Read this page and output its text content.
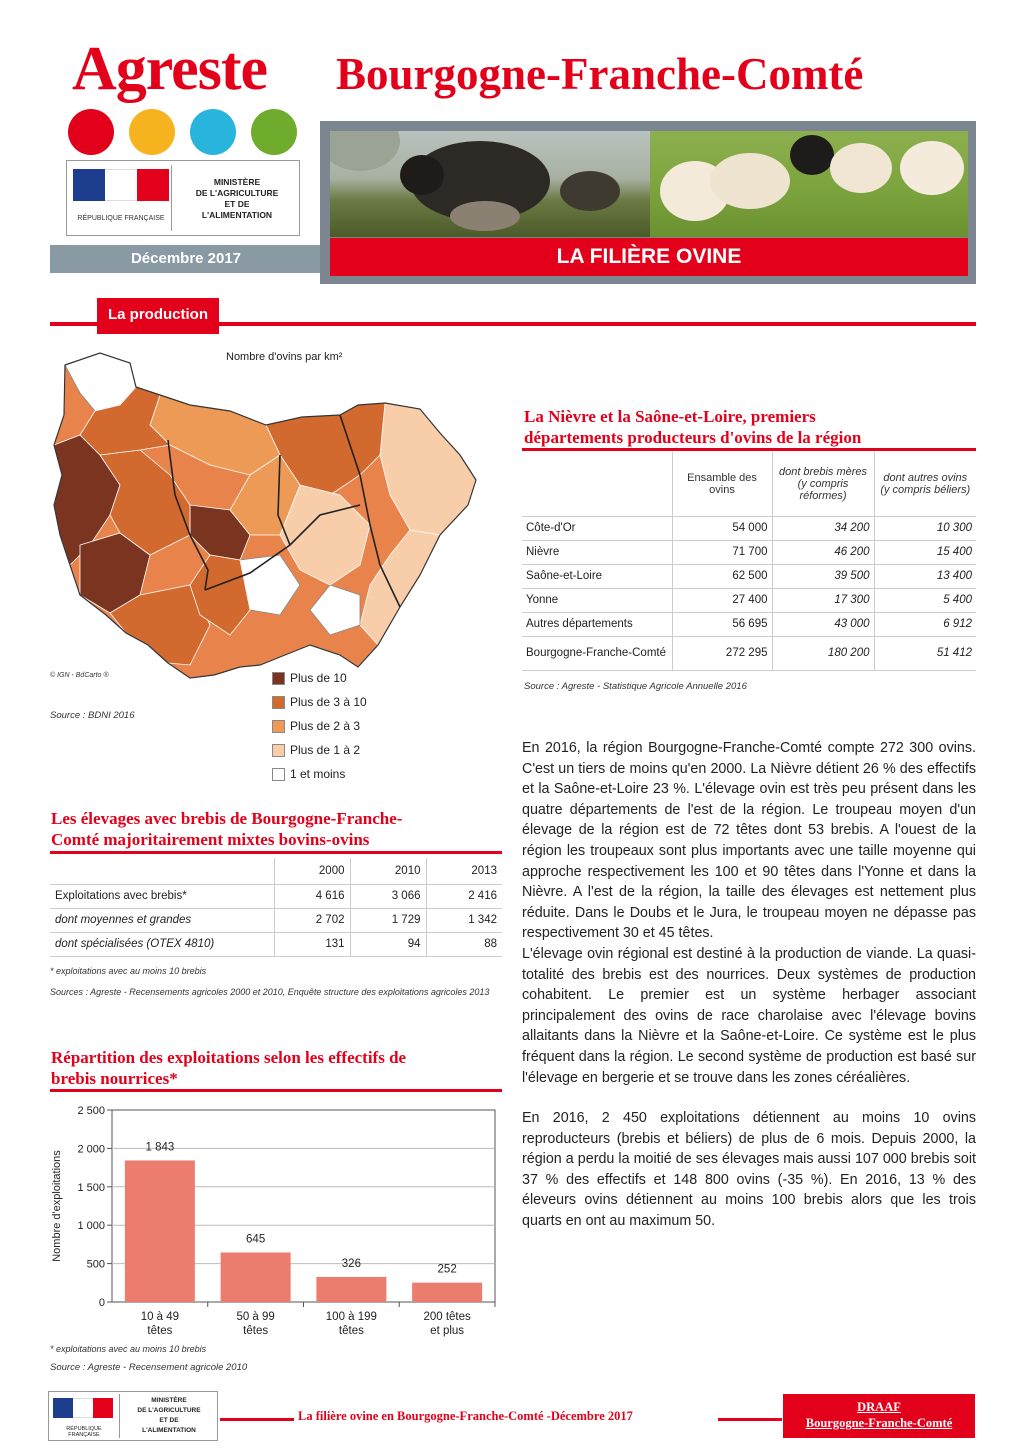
Agreste Bourgogne-Franche-Comté
RÉPUBLIQUE FRANÇAISE
MINISTÈRE
DE L'AGRICULTURE
ET DE
L'ALIMENTATION
Décembre 2017	LA FILIÈRE OVINE
La production
Nombre d'ovins par km²
© IGN - BdCarto ®
Source : BDNI 2016
Plus de 10
Plus de 3 à 10
Plus de 2 à 3
Plus de 1 à 2
1 et moins
La Nièvre et la Saône-et-Loire, premiers
départements producteurs d'ovins de la région
	Ensamble des ovins	dont brebis mères (y compris réformes)	dont autres ovins (y compris béliers)
Côte-d'Or	54 000	34 200	10 300
Nièvre	71 700	46 200	15 400
Saône-et-Loire	62 500	39 500	13 400
Yonne	27 400	17 300	5 400
Autres départements	56 695	43 000	6 912
Bourgogne-Franche-Comté	272 295	180 200	51 412
Source : Agreste - Statistique Agricole Annuelle 2016
Les élevages avec brebis de Bourgogne-Franche-
Comté majoritairement mixtes bovins-ovins
	2000	2010	2013
Exploitations avec brebis*	4 616	3 066	2 416
dont moyennes et grandes	2 702	1 729	1 342
dont spécialisées (OTEX 4810)	131	94	88
* exploitations avec au moins 10 brebis
Sources : Agreste - Recensements agricoles 2000 et 2010, Enquête structure des exploitations agricoles 2013
Répartition des exploitations selon les effectifs de
brebis nourrices*
0
500
1 000
1 500
2 000
2 500
Nombre d'exploitations
1 843
10 à 49
têtes
645
50 à 99
têtes
326
100 à 199
têtes
252
200 têtes
et plus
* exploitations avec au moins 10 brebis
Source : Agreste - Recensement agricole 2010

En 2016, la région Bourgogne-Franche-Comté compte 272 300 ovins. C'est un tiers de moins qu'en 2000. La Nièvre détient 26 % des effectifs et la Saône-et-Loire 23 %. L'élevage ovin est très peu présent dans les quatre départements de l'est de la région. Le troupeau moyen d'un élevage de la région est de 72 têtes dont 53 brebis. A l'ouest de la région les troupeaux sont plus importants avec une taille moyenne qui approche respectivement les 100 et 90 têtes dans l'Yonne et dans la Nièvre. A l'est de la région, la taille des élevages est nettement plus réduite. Dans le Doubs et le Jura, le troupeau moyen ne dépasse pas respectivement 30 et 45 têtes.

L'élevage ovin régional est destiné à la production de viande. La quasi-totalité des brebis est des nourrices. Deux systèmes de production cohabitent. Le premier est un système herbager associant principalement des ovins de race charolaise avec l'élevage bovins allaitants dans la Nièvre et la Saône-et-Loire. Ce système est le plus fréquent dans la région. Le second système de production est basé sur l'élevage en bergerie et se trouve dans les zones céréalières.

En 2016, 2 450 exploitations détiennent au moins 10 ovins reproducteurs (brebis et béliers) de plus de 6 mois. Depuis 2000, la région a perdu la moitié de ses élevages mais aussi 107 000 brebis soit 37 % des effectifs et 148 800 ovins (-35 %). En 2016, 13 % des éleveurs ovins détiennent au moins 100 brebis alors que les trois quarts en ont au maximum 50.

RÉPUBLIQUE FRANÇAISE
MINISTÈRE
DE L'AGRICULTURE
ET DE
L'ALIMENTATION
La filière ovine en Bourgogne-Franche-Comté -Décembre 2017
DRAAF
Bourgogne-Franche-Comté
